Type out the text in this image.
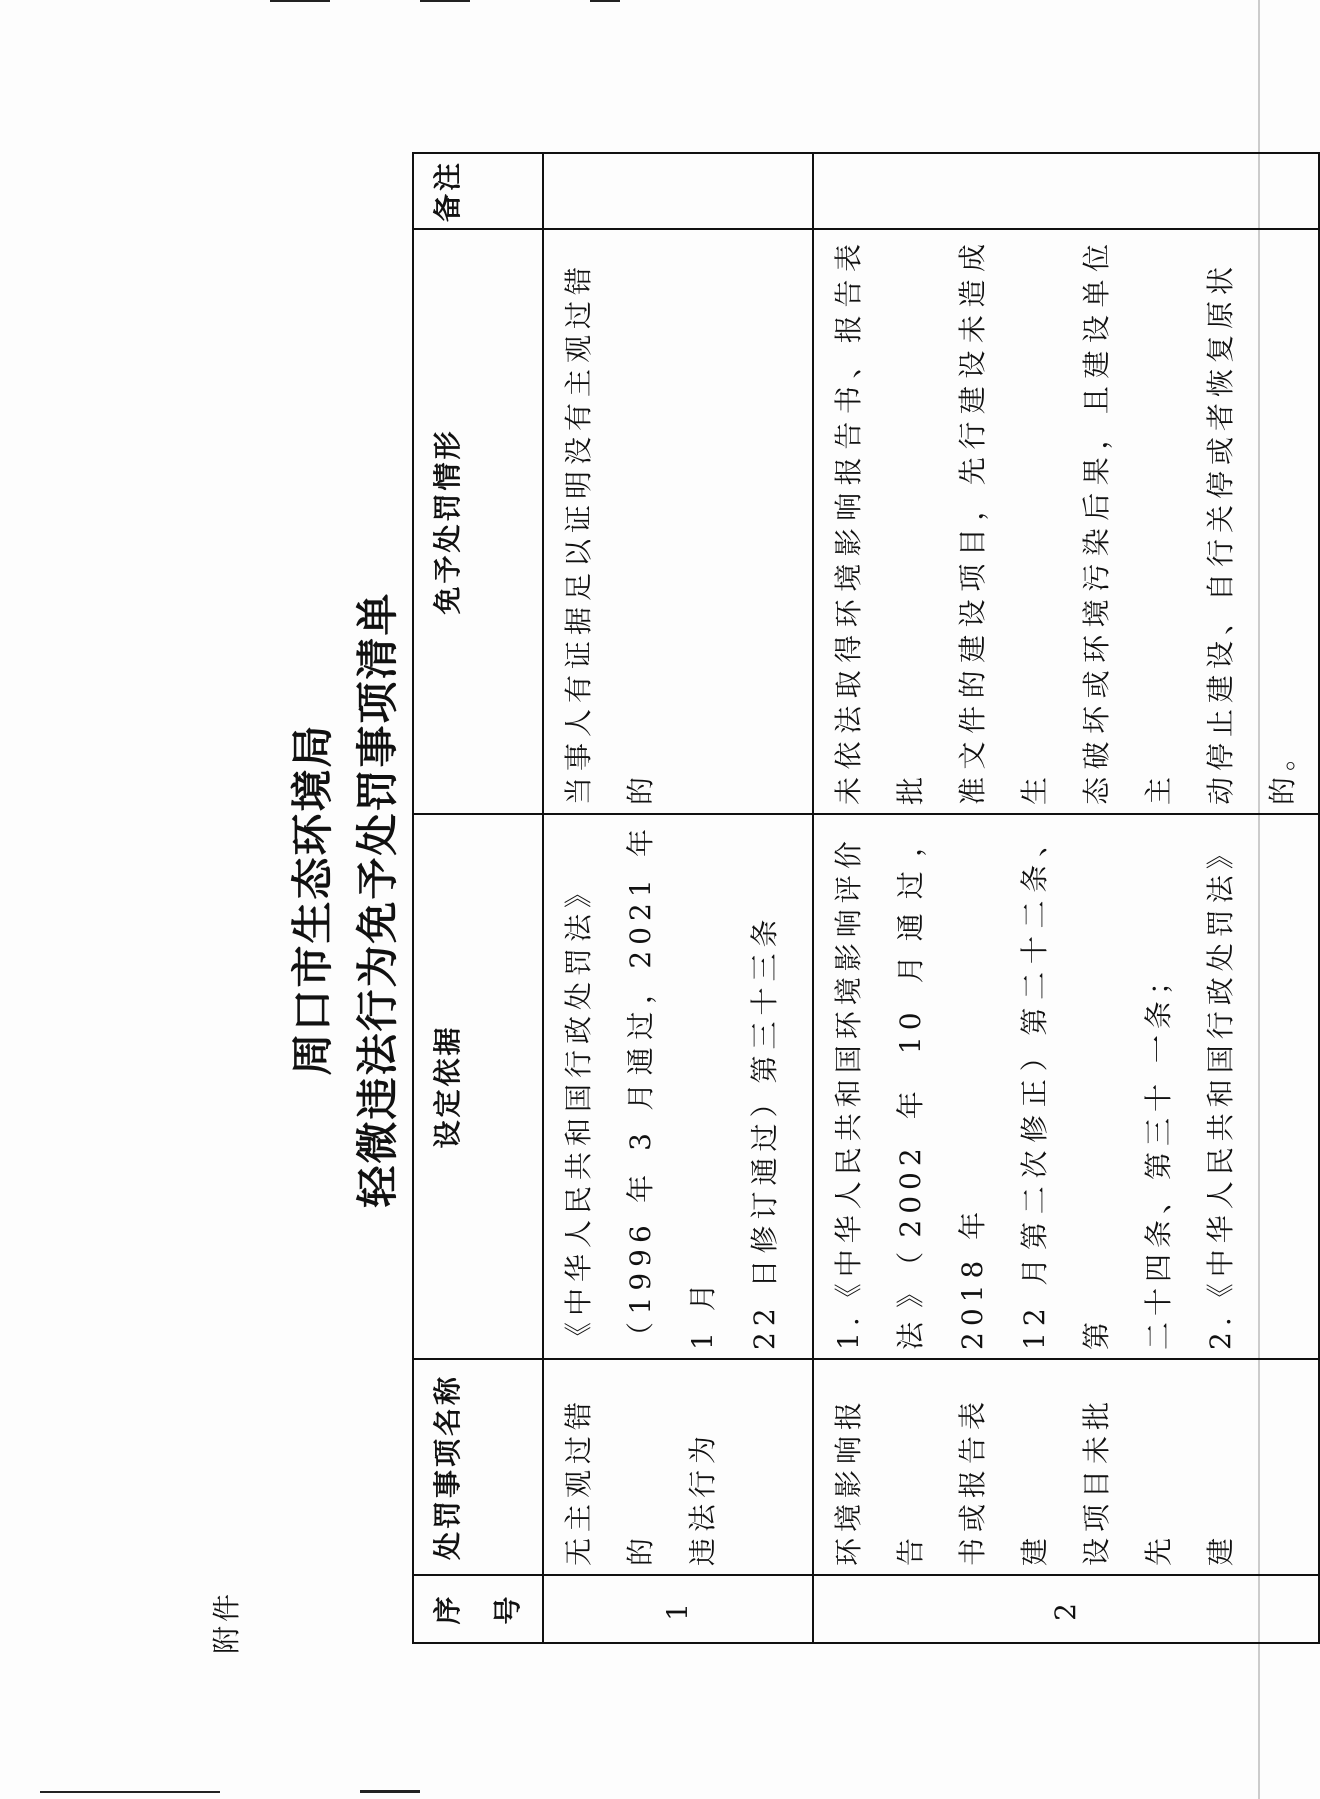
附件
周口市生态环境局 轻微违法行为免予处罚事项清单
序号	处罚事项名称	设定依据	免予处罚情形	备注
1	无主观过错的 违法行为	《中华人民共和国行政处罚法》 （1996 年 3 月通过，2021 年 1 月 22 日修订通过）第三十三条	当事人有证据足以证明没有主观过错 的	

2	环境影响报告 书或报告表建 设项目未批先 建	1.《中华人民共和国环境影响评价 法》（2002 年 10 月通过，2018 年 12 月第二次修正）第二十二条、第 二十四条、第三十 一条； 2.《中华人民共和国行政处罚法》	未依法取得环境影响报告书、报告表批 准文件的建设项目，先行建设未造成生 态破坏或环境污染后果，且建设单位主 动停止建设、自行关停或者恢复原状 的。	
